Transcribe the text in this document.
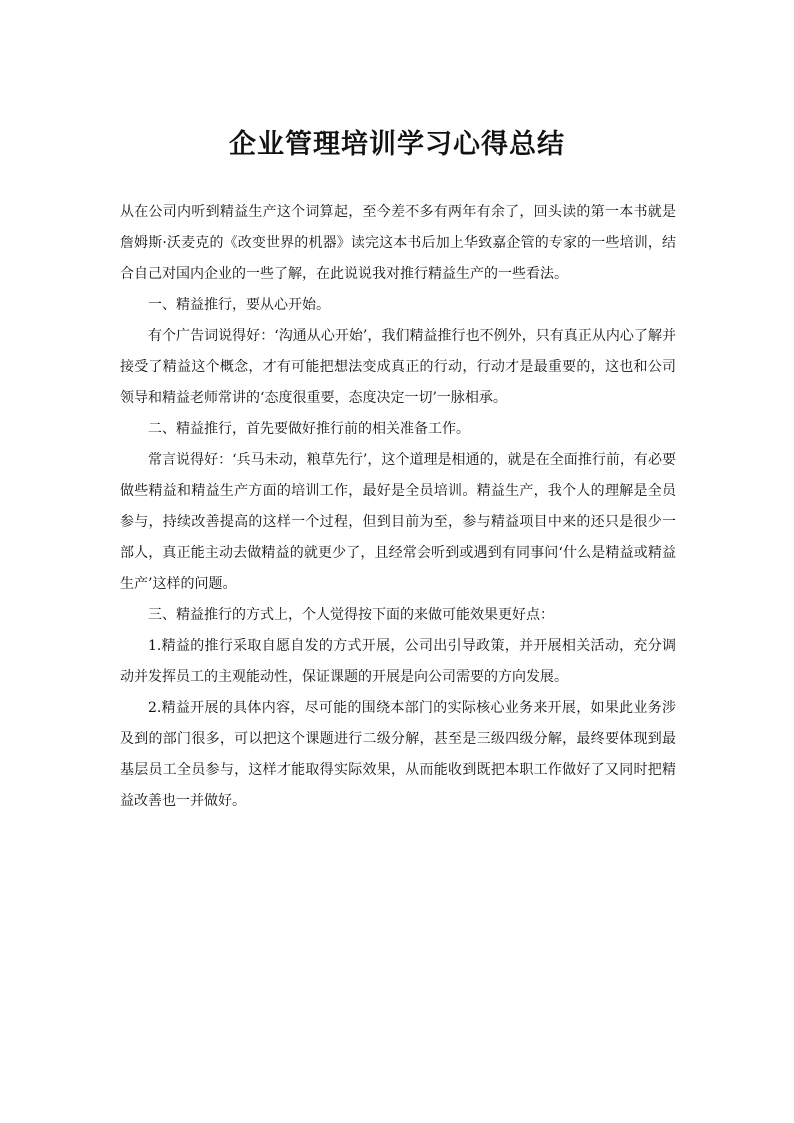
企业管理培训学习心得总结

从在公司内听到精益生产这个词算起，至今差不多有两年有余了，回头读的第一本书就是詹姆斯·沃麦克的《改变世界的机器》读完这本书后加上华致嘉企管的专家的一些培训，结合自己对国内企业的一些了解，在此说说我对推行精益生产的一些看法。

一、精益推行，要从心开始。

有个广告词说得好：‘沟通从心开始’，我们精益推行也不例外，只有真正从内心了解并接受了精益这个概念，才有可能把想法变成真正的行动，行动才是最重要的，这也和公司领导和精益老师常讲的‘态度很重要，态度决定一切’一脉相承。

二、精益推行，首先要做好推行前的相关准备工作。

常言说得好：‘兵马未动，粮草先行’，这个道理是相通的，就是在全面推行前，有必要做些精益和精益生产方面的培训工作，最好是全员培训。精益生产，我个人的理解是全员参与，持续改善提高的这样一个过程，但到目前为至，参与精益项目中来的还只是很少一部人，真正能主动去做精益的就更少了，且经常会听到或遇到有同事问‘什么是精益或精益生产’这样的问题。

三、精益推行的方式上，个人觉得按下面的来做可能效果更好点：

1.精益的推行采取自愿自发的方式开展，公司出引导政策，并开展相关活动，充分调动并发挥员工的主观能动性，保证课题的开展是向公司需要的方向发展。

2.精益开展的具体内容，尽可能的围绕本部门的实际核心业务来开展，如果此业务涉及到的部门很多，可以把这个课题进行二级分解，甚至是三级四级分解，最终要体现到最基层员工全员参与，这样才能取得实际效果，从而能收到既把本职工作做好了又同时把精益改善也一并做好。
